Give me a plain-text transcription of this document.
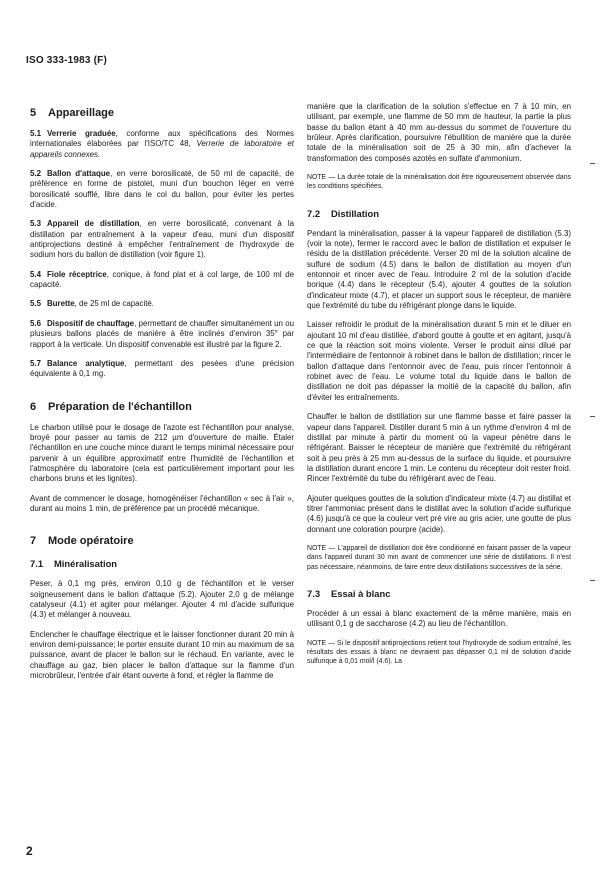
ISO 333-1983 (F)
5 Appareillage

5.1 Verrerie graduée, conforme aux spécifications des Normes internationales élaborées par l'ISO/TC 48, Verrerie de laboratoire et appareils connexes.

5.2 Ballon d'attaque, en verre borosilicaté, de 50 ml de capacité, de préférence en forme de pistolet, muni d'un bouchon léger en verre borosilicaté soufflé, libre dans le col du ballon, pour éviter les pertes d'acide.

5.3 Appareil de distillation, en verre borosilicaté, convenant à la distillation par entraînement à la vapeur d'eau, muni d'un dispositif antiprojections destiné à empêcher l'entraînement de l'hydroxyde de sodium hors du ballon de distillation (voir figure 1).

5.4 Fiole réceptrice, conique, à fond plat et à col large, de 100 ml de capacité.

5.5 Burette, de 25 ml de capacité.

5.6 Dispositif de chauffage, permettant de chauffer simultanément un ou plusieurs ballons placés de manière à être inclinés d'environ 35° par rapport à la verticale. Un dispositif convenable est illustré par la figure 2.

5.7 Balance analytique, permettant des pesées d'une précision équivalente à 0,1 mg.

6 Préparation de l'échantillon

Le charbon utilisé pour le dosage de l'azote est l'échantillon pour analyse, broyé pour passer au tamis de 212 µm d'ouverture de maille. Étaler l'échantillon en une couche mince durant le temps minimal nécessaire pour parvenir à un équilibre approximatif entre l'humidité de l'échantillon et l'atmosphère du laboratoire (cela est particulièrement important pour les charbons bruns et les lignites).

Avant de commencer le dosage, homogénéiser l'échantillon « sec à l'air », durant au moins 1 min, de préférence par un procédé mécanique.

7 Mode opératoire
7.1 Minéralisation

Peser, à 0,1 mg près, environ 0,10 g de l'échantillon et le verser soigneusement dans le ballon d'attaque (5.2). Ajouter 2,0 g de mélange catalyseur (4.1) et agiter pour mélanger. Ajouter 4 ml d'acide sulfurique (4.3) et mélanger à nouveau.

Enclencher le chauffage électrique et le laisser fonctionner durant 20 min à environ demi-puissance; le porter ensuite durant 10 min au maximum de sa puissance, avant de placer le ballon sur le réchaud. En variante, avec le chauffage au gaz, bien placer le ballon d'attaque sur la flamme d'un microbrûleur, l'entrée d'air étant ouverte à fond, et régler la flamme de

manière que la clarification de la solution s'effectue en 7 à 10 min, en utilisant, par exemple, une flamme de 50 mm de hauteur, la partie la plus basse du ballon étant à 40 mm au-dessus du sommet de l'ouverture du brûleur. Après clarification, poursuivre l'ébullition de manière que la durée totale de la minéralisation soit de 25 à 30 min, afin d'achever la transformation des composés azotés en sulfate d'ammonium.

NOTE — La durée totale de la minéralisation doit être rigoureusement observée dans les conditions spécifiées.

7.2 Distillation

Pendant la minéralisation, passer à la vapeur l'appareil de distillation (5.3) (voir la note), fermer le raccord avec le ballon de distillation et expulser le résidu de la distillation précédente. Verser 20 ml de la solution alcaline de sulfure de sodium (4.5) dans le ballon de distillation au moyen d'un entonnoir et rincer avec de l'eau. Introduire 2 ml de la solution d'acide borique (4.4) dans le récepteur (5.4), ajouter 4 gouttes de la solution d'indicateur mixte (4.7), et placer un support sous le récepteur, de manière que l'extrémité du tube du réfrigérant plonge dans le liquide.

Laisser refroidir le produit de la minéralisation durant 5 min et le diluer en ajoutant 10 ml d'eau distillée, d'abord goutte à goutte et en agitant, jusqu'à ce que la réaction soit moins violente. Verser le produit ainsi dilué par l'intermédiaire de l'entonnoir à robinet dans le ballon de distillation; rincer le ballon d'attaque dans l'entonnoir avec de l'eau, puis rincer l'entonnoir à robinet avec de l'eau. Le volume total du liquide dans le ballon de distillation ne doit pas dépasser la moitié de la capacité du ballon, afin d'éviter les entraînements.

Chauffer le ballon de distillation sur une flamme basse et faire passer la vapeur dans l'appareil. Distiller durant 5 min à un rythme d'environ 4 ml de distillat par minute à partir du moment où la vapeur pénètre dans le réfrigérant. Baisser le récepteur de manière que l'extrémité du réfrigérant soit à peu près à 25 mm au-dessus de la surface du liquide, et poursuivre la distillation durant encore 1 min. Le contenu du récepteur doit rester froid. Rincer l'extrémité du tube du réfrigérant avec de l'eau.

Ajouter quelques gouttes de la solution d'indicateur mixte (4.7) au distillat et titrer l'ammoniac présent dans le distillat avec la solution d'acide sulfurique (4.6) jusqu'à ce que la couleur vert pré vire au gris acier, une goutte de plus donnant une coloration pourpre (acide).

NOTE — L'appareil de distillation doit être conditionné en faisant passer de la vapeur dans l'appareil durant 30 min avant de commencer une série de distillations. Il n'est pas nécessaire, néanmoins, de faire entre deux distillations successives de la série.

7.3 Essai à blanc

Procéder à un essai à blanc exactement de la même manière, mais en utilisant 0,1 g de saccharose (4.2) au lieu de l'échantillon.

NOTE — Si le dispositif antiprojections retient tout l'hydroxyde de sodium entraîné, les résultats des essais à blanc ne devraient pas dépasser 0,1 ml de solution d'acide sulfurique à 0,01 mol/l (4.6). La

2
